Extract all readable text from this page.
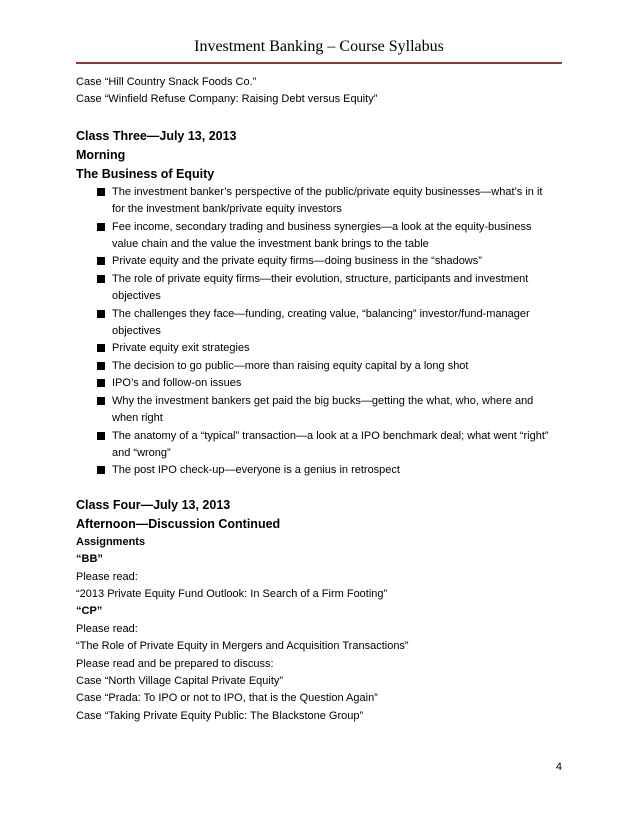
Investment Banking – Course Syllabus
Case “Hill Country Snack Foods Co.”
Case “Winfield Refuse Company: Raising Debt versus Equity”
Class Three—July 13, 2013
Morning
The Business of Equity
The investment banker’s perspective of the public/private equity businesses—what’s in it for the investment bank/private equity investors
Fee income, secondary trading and business synergies—a look at the equity-business value chain and the value the investment bank brings to the table
Private equity and the private equity firms—doing business in the “shadows”
The role of private equity firms—their evolution, structure, participants and investment objectives
The challenges they face—funding, creating value, “balancing” investor/fund-manager objectives
Private equity exit strategies
The decision to go public—more than raising equity capital by a long shot
IPO’s and follow-on issues
Why the investment bankers get paid the big bucks—getting the what, who, where and when right
The anatomy of a “typical” transaction—a look at a IPO benchmark deal; what went “right” and “wrong”
The post IPO check-up—everyone is a genius in retrospect
Class Four—July 13, 2013
Afternoon—Discussion Continued
Assignments
“BB”
Please read:
“2013 Private Equity Fund Outlook: In Search of a Firm Footing”
“CP”
Please read:
“The Role of Private Equity in Mergers and Acquisition Transactions”
Please read and be prepared to discuss:
Case “North Village Capital Private Equity”
Case “Prada: To IPO or not to IPO, that is the Question Again”
Case “Taking Private Equity Public: The Blackstone Group”
4
